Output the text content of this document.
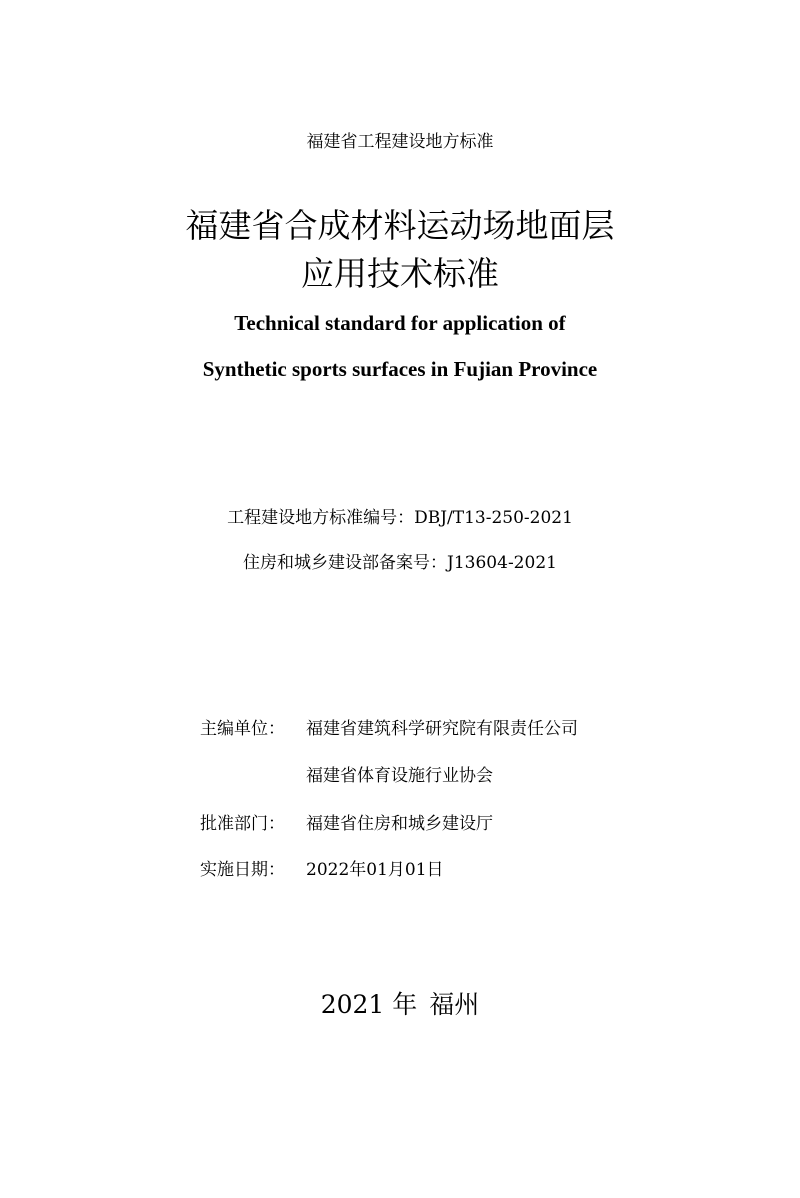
福建省工程建设地方标准
福建省合成材料运动场地面层
应用技术标准
Technical standard for application of
Synthetic sports surfaces in Fujian Province
工程建设地方标准编号：DBJ/T13-250-2021
住房和城乡建设部备案号：J13604-2021
主编单位： 福建省建筑科学研究院有限责任公司
福建省体育设施行业协会
批准部门： 福建省住房和城乡建设厅
实施日期： 2022年01月01日
2021 年 福州
